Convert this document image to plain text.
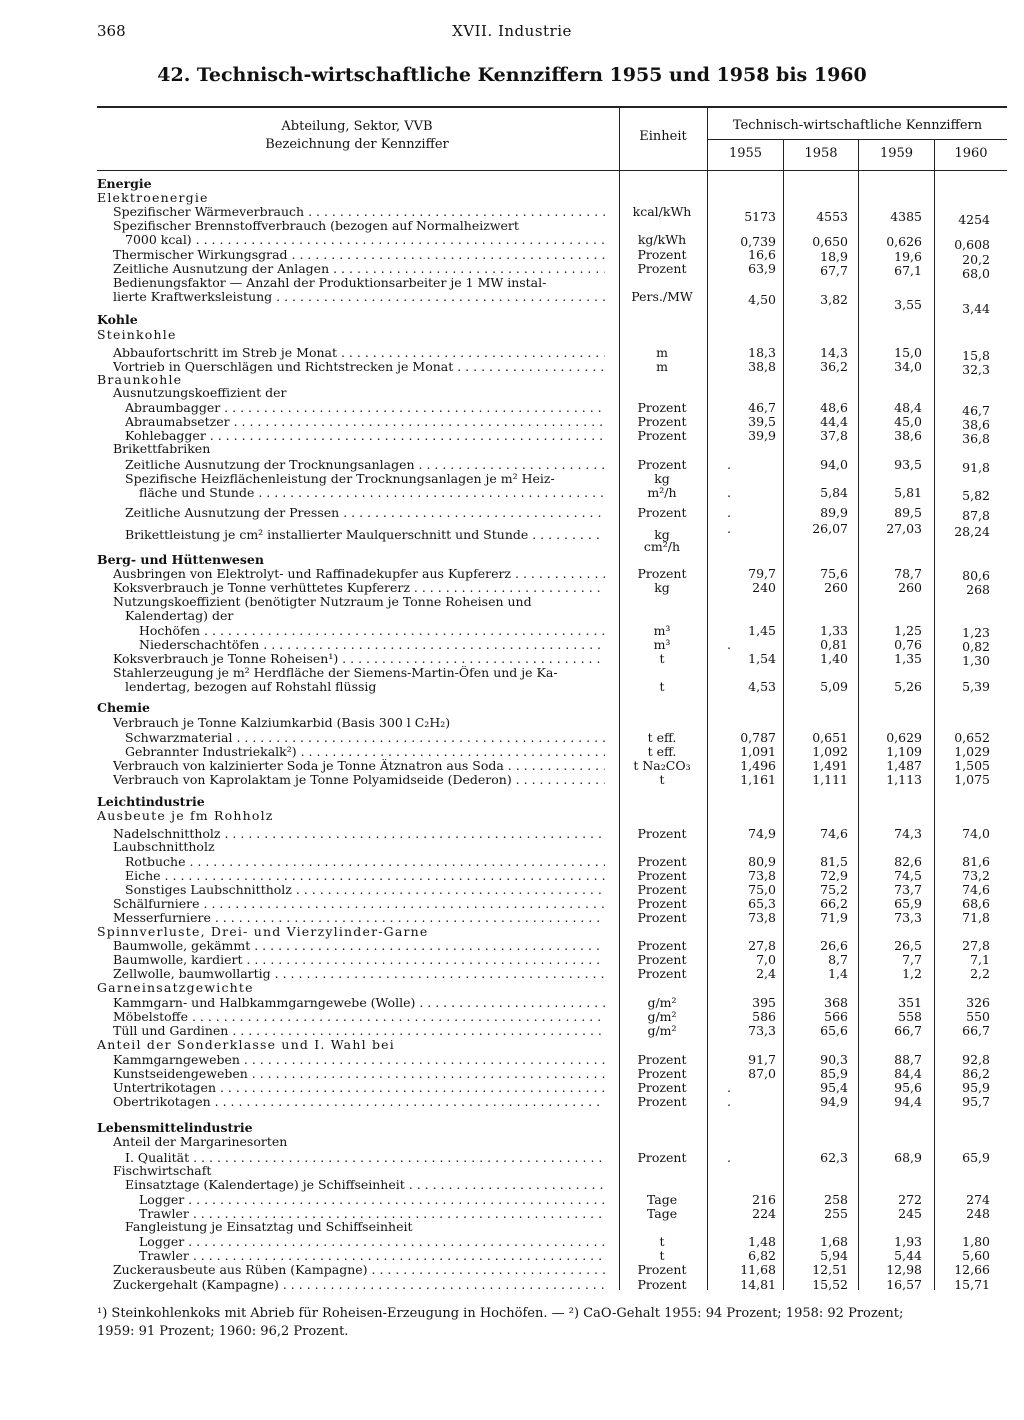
368	XVII. Industrie
42. Technisch-wirtschaftliche Kennziffern 1955 und 1958 bis 1960
Abteilung, Sektor, VVB
Bezeichnung der Kennziffer
Einheit
Technisch-wirtschaftliche Kennziffern
1955	1958	1959	1960
Energie
Elektroenergie
Spezifischer Wärmeverbrauch . . .	kcal/kWh	5173	4553	4385	4254
Spezifischer Brennstoffverbrauch (bezogen auf Normalheizwert
7000 kcal) . . .	kg/kWh	0,739	0,650	0,626	0,608
Thermischer Wirkungsgrad . . .	Prozent	16,6	18,9	19,6	20,2
Zeitliche Ausnutzung der Anlagen . . .	Prozent	63,9	67,7	67,1	68,0
Bedienungsfaktor — Anzahl der Produktionsarbeiter je 1 MW instal-
lierte Kraftwerksleistung . . .	Pers./MW	4,50	3,82	3,55	3,44
Kohle
Steinkohle
Abbaufortschritt im Streb je Monat . . .	m	18,3	14,3	15,0	15,8
Vortrieb in Querschlägen und Richtstrecken je Monat . . .	m	38,8	36,2	34,0	32,3
Braunkohle
Ausnutzungskoeffizient der
Abraumbagger . . .	Prozent	46,7	48,6	48,4	46,7
Abraumabsetzer . . .	Prozent	39,5	44,4	45,0	38,6
Kohlebagger . . .	Prozent	39,9	37,8	38,6	36,8
Brikettfabriken
Zeitliche Ausnutzung der Trocknungsanlagen . . .	Prozent	.	94,0	93,5	91,8
Spezifische Heizflächenleistung der Trocknungsanlagen je m² Heiz-	kg
fläche und Stunde . . .	m²/h	.	5,84	5,81	5,82
Zeitliche Ausnutzung der Pressen . . .	Prozent	.	89,9	89,5	87,8
Brikettleistung je cm² installierter Maulquerschnitt und Stunde . . .	kg	.	26,07	27,03	28,24
cm²/h
Berg- und Hüttenwesen
Ausbringen von Elektrolyt- und Raffinadekupfer aus Kupfererz . . .	Prozent	79,7	75,6	78,7	80,6
Koksverbrauch je Tonne verhüttetes Kupfererz . . .	kg	240	260	260	268
Nutzungskoeffizient (benötigter Nutzraum je Tonne Roheisen und
Kalendertag) der
Hochöfen . . .	m³	1,45	1,33	1,25	1,23
Niederschachtöfen . . .	m³	.	0,81	0,76	0,82
Koksverbrauch je Tonne Roheisen¹) . . .	t	1,54	1,40	1,35	1,30
Stahlerzeugung je m² Herdfläche der Siemens-Martin-Öfen und je Ka-
lendertag, bezogen auf Rohstahl flüssig	t	4,53	5,09	5,26	5,39
Chemie
Verbrauch je Tonne Kalziumkarbid (Basis 300 l C₂H₂)
Schwarzmaterial . . .	t eff.	0,787	0,651	0,629	0,652
Gebrannter Industriekalk²) . . .	t eff.	1,091	1,092	1,109	1,029
Verbrauch von kalzinierter Soda je Tonne Ätznatron aus Soda . . .	t Na₂CO₃	1,496	1,491	1,487	1,505
Verbrauch von Kaprolaktam je Tonne Polyamidseide (Dederon) . . .	t	1,161	1,111	1,113	1,075
Leichtindustrie
Ausbeute je fm Rohholz
Nadelschnittholz . . .	Prozent	74,9	74,6	74,3	74,0
Laubschnittholz
Rotbuche . . .	Prozent	80,9	81,5	82,6	81,6
Eiche . . .	Prozent	73,8	72,9	74,5	73,2
Sonstiges Laubschnittholz . . .	Prozent	75,0	75,2	73,7	74,6
Schälfurniere . . .	Prozent	65,3	66,2	65,9	68,6
Messerfurniere . . .	Prozent	73,8	71,9	73,3	71,8
Spinnverluste, Drei- und Vierzylinder-Garne
Baumwolle, gekämmt . . .	Prozent	27,8	26,6	26,5	27,8
Baumwolle, kardiert . . .	Prozent	7,0	8,7	7,7	7,1
Zellwolle, baumwollartig . . .	Prozent	2,4	1,4	1,2	2,2
Garneinsatzgewichte
Kammgarn- und Halbkammgarngewebe (Wolle) . . .	g/m²	395	368	351	326
Möbelstoffe . . .	g/m²	586	566	558	550
Tüll und Gardinen . . .	g/m²	73,3	65,6	66,7	66,7
Anteil der Sonderklasse und I. Wahl bei
Kammgarngeweben . . .	Prozent	91,7	90,3	88,7	92,8
Kunstseidengeweben . . .	Prozent	87,0	85,9	84,4	86,2
Untertrikotagen . . .	Prozent	.	95,4	95,6	95,9
Obertrikotagen . . .	Prozent	.	94,9	94,4	95,7
Lebensmittelindustrie
Anteil der Margarinesorten
I. Qualität . . .	Prozent	.	62,3	68,9	65,9
Fischwirtschaft
Einsatztage (Kalendertage) je Schiffseinheit . . .
Logger . . .	Tage	216	258	272	274
Trawler . . .	Tage	224	255	245	248
Fangleistung je Einsatztag und Schiffseinheit
Logger . . .	t	1,48	1,68	1,93	1,80
Trawler . . .	t	6,82	5,94	5,44	5,60
Zuckerausbeute aus Rüben (Kampagne) . . .	Prozent	11,68	12,51	12,98	12,66
Zuckergehalt (Kampagne) . . .	Prozent	14,81	15,52	16,57	15,71
¹) Steinkohlenkoks mit Abrieb für Roheisen-Erzeugung in Hochöfen. — ²) CaO-Gehalt 1955: 94 Prozent; 1958: 92 Prozent;
1959: 91 Prozent; 1960: 96,2 Prozent.
